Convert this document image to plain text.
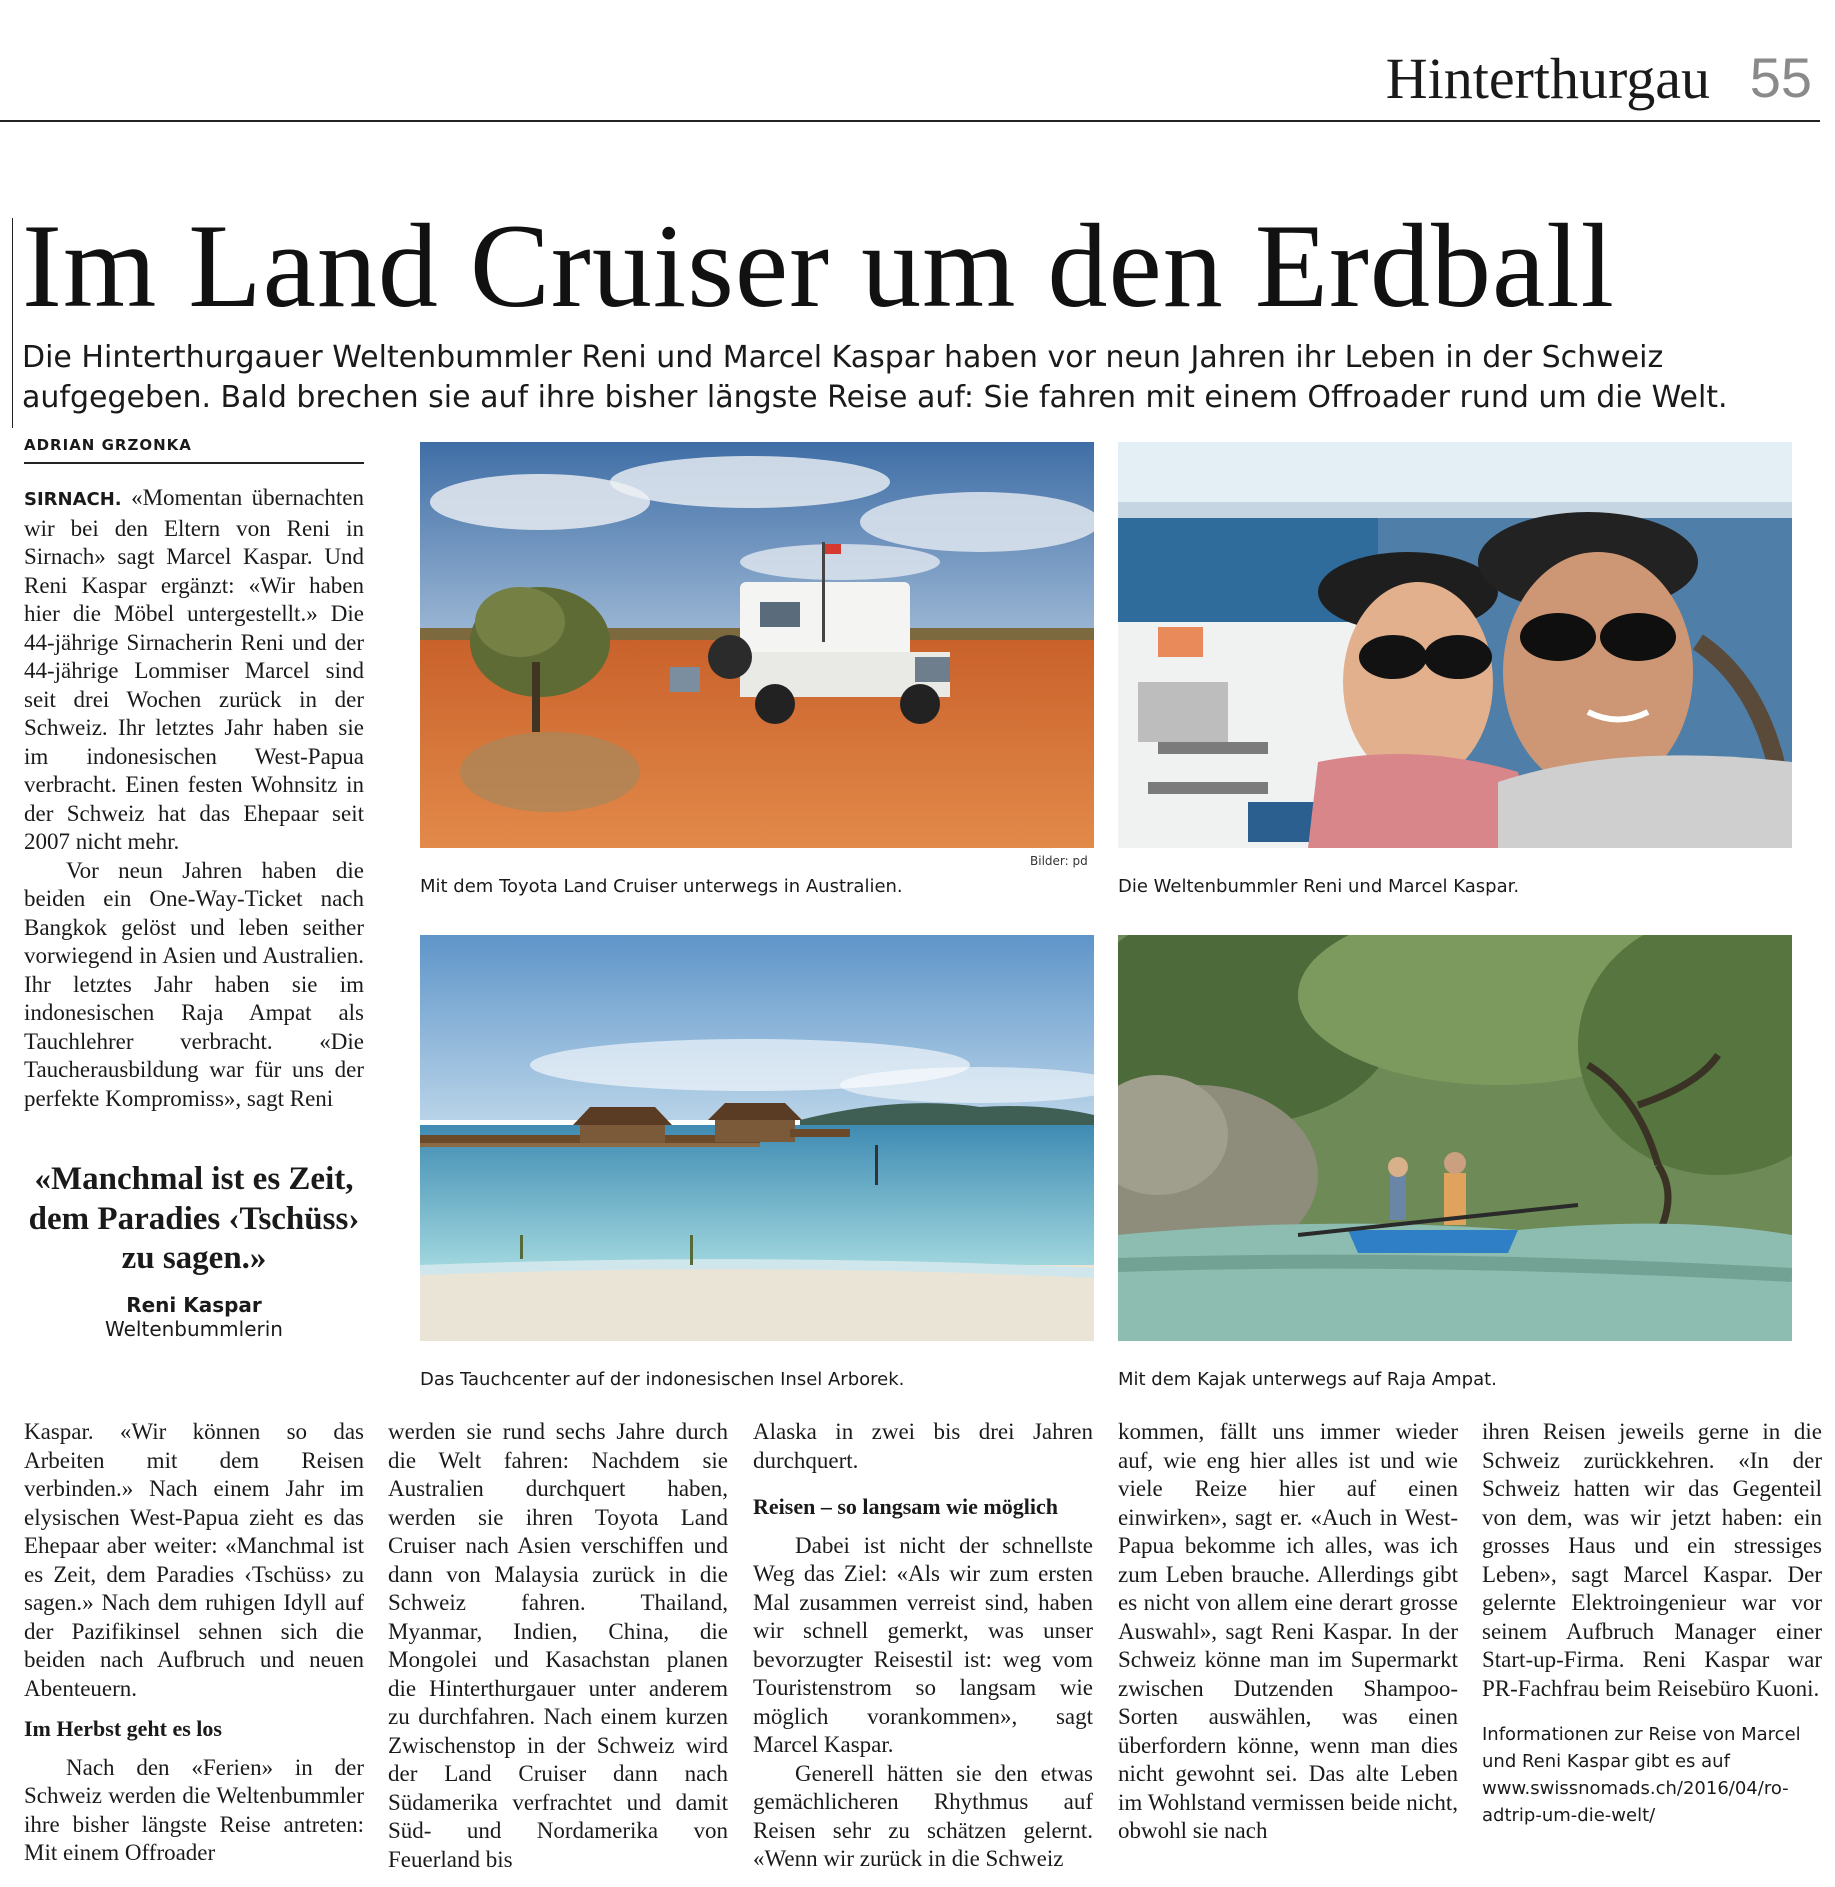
Hinterthurgau 55
Im Land Cruiser um den Erdball

Die Hinterthurgauer Weltenbummler Reni und Marcel Kaspar haben vor neun Jahren ihr Leben in der Schweiz aufgegeben. Bald brechen sie auf ihre bisher längste Reise auf: Sie fahren mit einem Offroader rund um die Welt.

ADRIAN GRZONKA

SIRNACH. «Momentan übernachten wir bei den Eltern von Reni in Sirnach» sagt Marcel Kaspar. Und Reni Kaspar ergänzt: «Wir haben hier die Möbel untergestellt.» Die 44-jährige Sirnacherin Reni und der 44-jährige Lommiser Marcel sind seit drei Wochen zurück in der Schweiz. Ihr letztes Jahr haben sie im indonesischen West-Papua verbracht. Einen festen Wohnsitz in der Schweiz hat das Ehepaar seit 2007 nicht mehr.

Vor neun Jahren haben die beiden ein One-Way-Ticket nach Bangkok gelöst und leben seither vorwiegend in Asien und Australien. Ihr letztes Jahr haben sie im indonesischen Raja Ampat als Tauchlehrer verbracht. «Die Taucherausbildung war für uns der perfekte Kompromiss», sagt Reni

«Manchmal ist es Zeit, dem Paradies ‹Tschüss› zu sagen.»
Reni Kaspar
Weltenbummlerin
Bilder: pd
Mit dem Toyota Land Cruiser unterwegs in Australien.	Die Weltenbummler Reni und Marcel Kaspar.
Das Tauchcenter auf der indonesischen Insel Arborek.	Mit dem Kajak unterwegs auf Raja Ampat.

Kaspar. «Wir können so das Arbeiten mit dem Reisen verbinden.» Nach einem Jahr im elysischen West-Papua zieht es das Ehepaar aber weiter: «Manchmal ist es Zeit, dem Paradies ‹Tschüss› zu sagen.» Nach dem ruhigen Idyll auf der Pazifikinsel sehnen sich die beiden nach Aufbruch und neuen Abenteuern.

Im Herbst geht es los

Nach den «Ferien» in der Schweiz werden die Weltenbummler ihre bisher längste Reise antreten: Mit einem Offroader

werden sie rund sechs Jahre durch die Welt fahren: Nachdem sie Australien durchquert haben, werden sie ihren Toyota Land Cruiser nach Asien verschiffen und dann von Malaysia zurück in die Schweiz fahren. Thailand, Myanmar, Indien, China, die Mongolei und Kasachstan planen die Hinterthurgauer unter anderem zu durchfahren. Nach einem kurzen Zwischenstop in der Schweiz wird der Land Cruiser dann nach Südamerika verfrachtet und damit Süd- und Nordamerika von Feuerland bis

Alaska in zwei bis drei Jahren durchquert.

Reisen – so langsam wie möglich

Dabei ist nicht der schnellste Weg das Ziel: «Als wir zum ersten Mal zusammen verreist sind, haben wir schnell gemerkt, was unser bevorzugter Reisestil ist: weg vom Touristenstrom so langsam wie möglich vorankommen», sagt Marcel Kaspar.

Generell hätten sie den etwas gemächlicheren Rhythmus auf Reisen sehr zu schätzen gelernt. «Wenn wir zurück in die Schweiz

kommen, fällt uns immer wieder auf, wie eng hier alles ist und wie viele Reize hier auf einen einwirken», sagt er. «Auch in West-Papua bekomme ich alles, was ich zum Leben brauche. Allerdings gibt es nicht von allem eine derart grosse Auswahl», sagt Reni Kaspar. In der Schweiz könne man im Supermarkt zwischen Dutzenden Shampoo-Sorten auswählen, was einen überfordern könne, wenn man dies nicht gewohnt sei. Das alte Leben im Wohlstand vermissen beide nicht, obwohl sie nach

ihren Reisen jeweils gerne in die Schweiz zurückkehren. «In der Schweiz hatten wir das Gegenteil von dem, was wir jetzt haben: ein grosses Haus und ein stressiges Leben», sagt Marcel Kaspar. Der gelernte Elektroingenieur war vor seinem Aufbruch Manager einer Start-up-Firma. Reni Kaspar war PR-Fachfrau beim Reisebüro Kuoni.

Informationen zur Reise von Marcel
und Reni Kaspar gibt es auf
www.swissnomads.ch/2016/04/ro-
adtrip-um-die-welt/
